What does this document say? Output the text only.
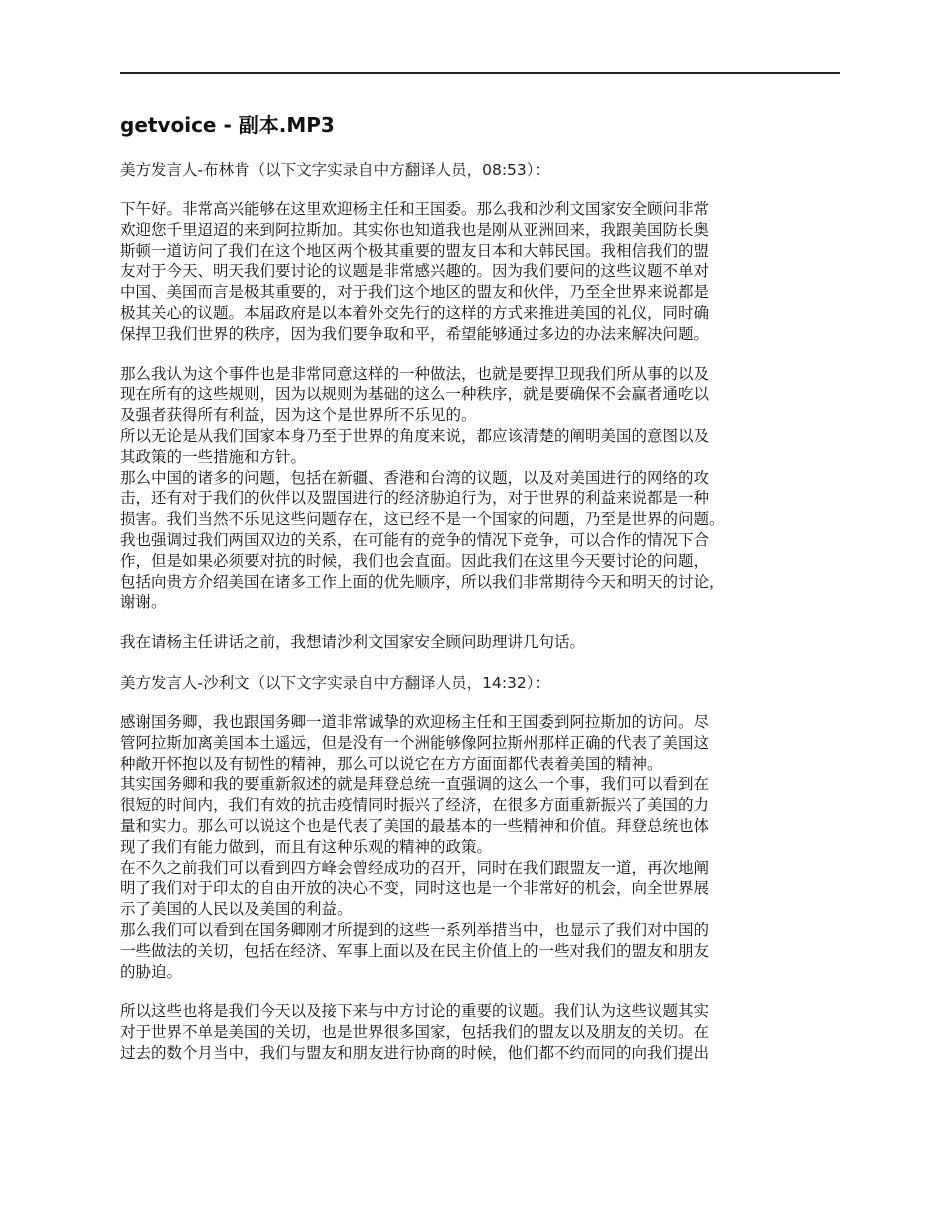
getvoice - 副本.MP3

美方发言人-布林肯（以下文字实录自中方翻译人员，08:53）：

下午好。非常高兴能够在这里欢迎杨主任和王国委。那么我和沙利文国家安全顾问非常
欢迎您千里迢迢的来到阿拉斯加。其实你也知道我也是刚从亚洲回来，我跟美国防长奥
斯顿一道访问了我们在这个地区两个极其重要的盟友日本和大韩民国。我相信我们的盟
友对于今天、明天我们要讨论的议题是非常感兴趣的。因为我们要问的这些议题不单对
中国、美国而言是极其重要的，对于我们这个地区的盟友和伙伴，乃至全世界来说都是
极其关心的议题。本届政府是以本着外交先行的这样的方式来推进美国的礼仪，同时确
保捍卫我们世界的秩序，因为我们要争取和平，希望能够通过多边的办法来解决问题。

那么我认为这个事件也是非常同意这样的一种做法，也就是要捍卫现我们所从事的以及
现在所有的这些规则，因为以规则为基础的这么一种秩序，就是要确保不会赢者通吃以
及强者获得所有利益，因为这个是世界所不乐见的。
所以无论是从我们国家本身乃至于世界的角度来说，都应该清楚的阐明美国的意图以及
其政策的一些措施和方针。
那么中国的诸多的问题，包括在新疆、香港和台湾的议题，以及对美国进行的网络的攻
击，还有对于我们的伙伴以及盟国进行的经济胁迫行为，对于世界的利益来说都是一种
损害。我们当然不乐见这些问题存在，这已经不是一个国家的问题，乃至是世界的问题。
我也强调过我们两国双边的关系，在可能有的竞争的情况下竞争，可以合作的情况下合
作，但是如果必须要对抗的时候，我们也会直面。因此我们在这里今天要讨论的问题，
包括向贵方介绍美国在诸多工作上面的优先顺序，所以我们非常期待今天和明天的讨论，
谢谢。

我在请杨主任讲话之前，我想请沙利文国家安全顾问助理讲几句话。

美方发言人-沙利文（以下文字实录自中方翻译人员，14:32）：

感谢国务卿，我也跟国务卿一道非常诚挚的欢迎杨主任和王国委到阿拉斯加的访问。尽
管阿拉斯加离美国本土遥远，但是没有一个洲能够像阿拉斯州那样正确的代表了美国这
种敞开怀抱以及有韧性的精神，那么可以说它在方方面面都代表着美国的精神。
其实国务卿和我的要重新叙述的就是拜登总统一直强调的这么一个事，我们可以看到在
很短的时间内，我们有效的抗击疫情同时振兴了经济，在很多方面重新振兴了美国的力
量和实力。那么可以说这个也是代表了美国的最基本的一些精神和价值。拜登总统也体
现了我们有能力做到，而且有这种乐观的精神的政策。
在不久之前我们可以看到四方峰会曾经成功的召开，同时在我们跟盟友一道，再次地阐
明了我们对于印太的自由开放的决心不变，同时这也是一个非常好的机会，向全世界展
示了美国的人民以及美国的利益。
那么我们可以看到在国务卿刚才所提到的这些一系列举措当中，也显示了我们对中国的
一些做法的关切，包括在经济、军事上面以及在民主价值上的一些对我们的盟友和朋友
的胁迫。

所以这些也将是我们今天以及接下来与中方讨论的重要的议题。我们认为这些议题其实
对于世界不单是美国的关切，也是世界很多国家，包括我们的盟友以及朋友的关切。在
过去的数个月当中，我们与盟友和朋友进行协商的时候，他们都不约而同的向我们提出
